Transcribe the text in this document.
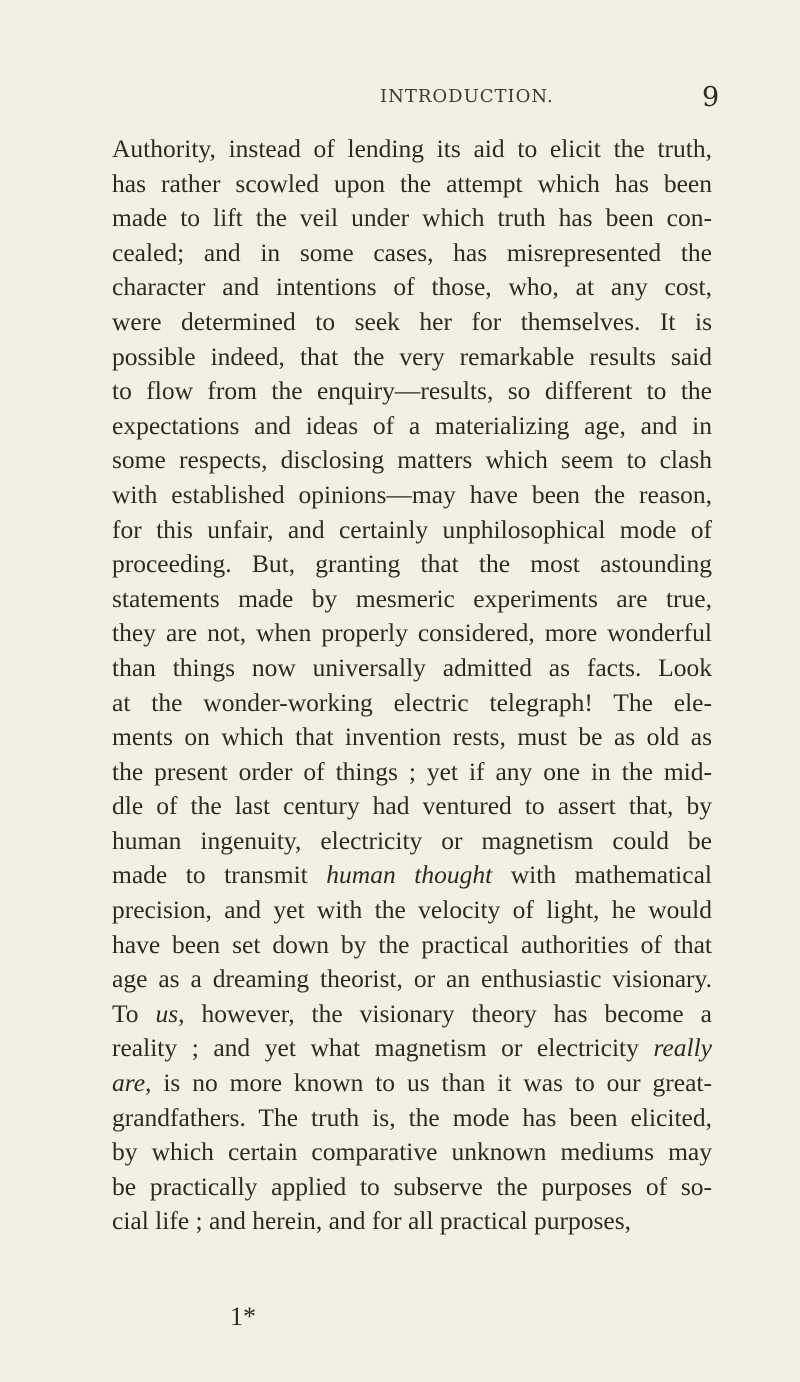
INTRODUCTION.	9
Authority, instead of lending its aid to elicit the truth,
has rather scowled upon the attempt which has been
made to lift the veil under which truth has been con-
cealed; and in some cases, has misrepresented the
character and intentions of those, who, at any cost,
were determined to seek her for themselves. It is
possible indeed, that the very remarkable results said
to flow from the enquiry—results, so different to the
expectations and ideas of a materializing age, and in
some respects, disclosing matters which seem to clash
with established opinions—may have been the reason,
for this unfair, and certainly unphilosophical mode of
proceeding. But, granting that the most astounding
statements made by mesmeric experiments are true,
they are not, when properly considered, more wonderful
than things now universally admitted as facts. Look
at the wonder-working electric telegraph! The ele-
ments on which that invention rests, must be as old as
the present order of things ; yet if any one in the mid-
dle of the last century had ventured to assert that, by
human ingenuity, electricity or magnetism could be
made to transmit human thought with mathematical
precision, and yet with the velocity of light, he would
have been set down by the practical authorities of that
age as a dreaming theorist, or an enthusiastic visionary.
To us, however, the visionary theory has become a
reality ; and yet what magnetism or electricity really
are, is no more known to us than it was to our great-
grandfathers. The truth is, the mode has been elicited,
by which certain comparative unknown mediums may
be practically applied to subserve the purposes of so-
cial life ; and herein, and for all practical purposes,
1*
